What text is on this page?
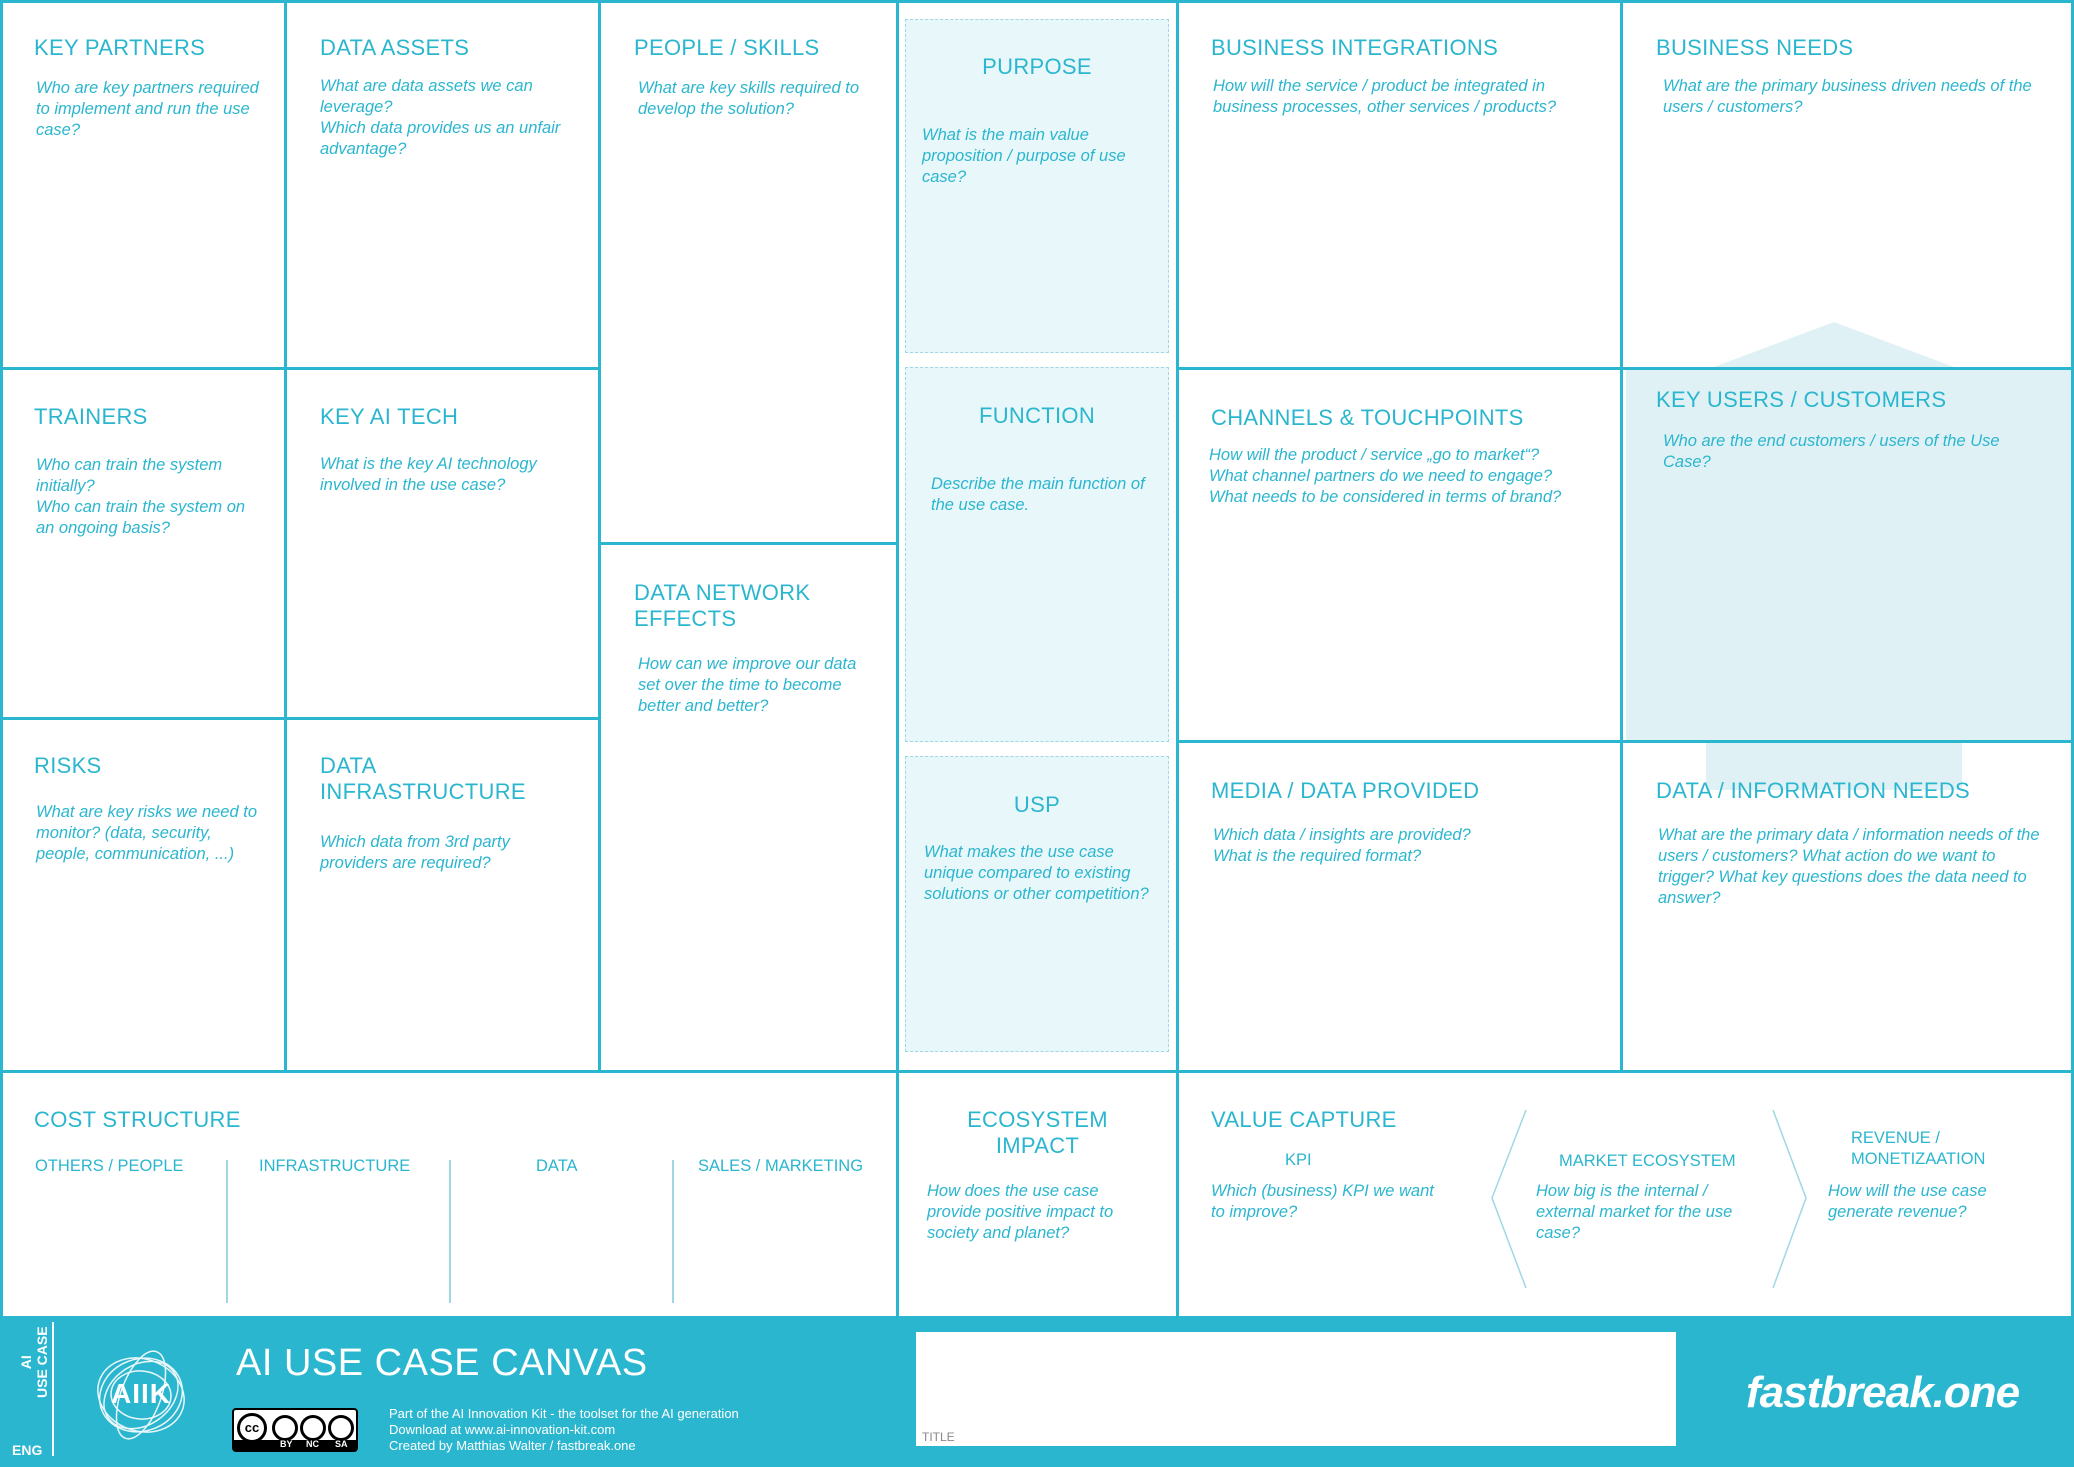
KEY PARTNERS
Who are key partners required to implement and run the use case?
DATA ASSETS
What are data assets we can leverage?
Which data provides us an unfair advantage?
PEOPLE / SKILLS
What are key skills required to develop the solution?
PURPOSE
What is the main value proposition / purpose of use case?
BUSINESS INTEGRATIONS
How will the service / product be integrated in business processes, other services / products?
BUSINESS NEEDS
What are the primary business driven needs of the users / customers?
TRAINERS
Who can train the system initially?
Who can train the system on an ongoing basis?
KEY AI TECH
What is the key AI technology involved in the use case?
FUNCTION
Describe the main function of the use case.
CHANNELS & TOUCHPOINTS
How will the product / service „go to market“?
What channel partners do we need to engage?
What needs to be considered in terms of brand?
KEY USERS / CUSTOMERS
Who are the end customers / users of the Use Case?
DATA NETWORK
EFFECTS
How can we improve our data set over the time to become better and better?
RISKS
What are key risks we need to monitor? (data, security, people, communication, ...)
DATA
INFRASTRUCTURE
Which data from 3rd party providers are required?
USP
What makes the use case unique compared to existing solutions or other competition?
MEDIA / DATA PROVIDED
Which data / insights are provided?
What is the required format?
DATA / INFORMATION NEEDS
What are the primary data / information needs of the users / customers? What action do we want to trigger? What key questions does the data need to answer?
COST STRUCTURE
OTHERS / PEOPLE	INFRASTRUCTURE	DATA	SALES / MARKETING
ECOSYSTEM
IMPACT
How does the use case provide positive impact to society and planet?
VALUE CAPTURE
KPI
Which (business) KPI we want to improve?
MARKET ECOSYSTEM
How big is the internal / external market for the use case?
REVENUE /
MONETIZAATION
How will the use case generate revenue?
AI
USE CASE
ENG
AIIK
AI USE CASE CANVAS
cc
BY NC SA
Part of the AI Innovation Kit - the toolset for the AI generation
Download at www.ai-innovation-kit.com
Created by Matthias Walter / fastbreak.one
TITLE
fastbreak.one
